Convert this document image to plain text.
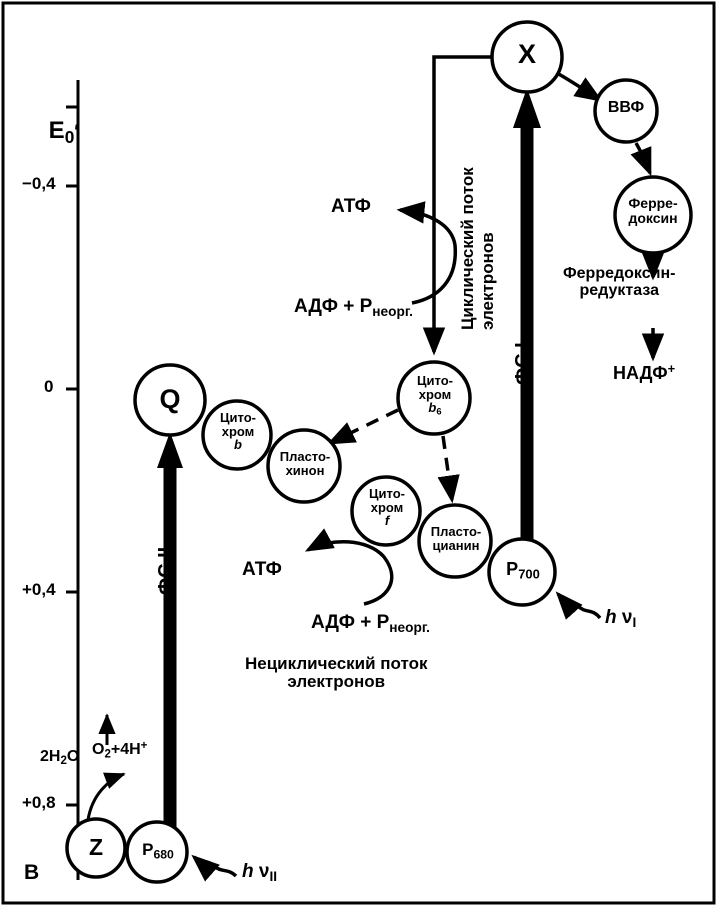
$E_0'$

−0,4
0
+0,4
+0,8
B
X
ВВФ
Ферре-
доксин
Q
Цито-
хром
b
Пласто-
хинон
Цито-
хром
f
Пласто-
цианин
Цито-
хром
$b_6$
$P_{700}$
Z	$P_{680}$
АТФ
АДФ + $Р_{неорг.}$	Циклический поток
электронов
ФС I
ФС II
Ферредоксин-
редуктаза
НАДФ+
АТФ
АДФ + $Р_{неорг.}$
Нециклический поток
электронов
$2H_2O$ $O_2+4H^+$
h $\nu_I$
h $\nu_{II}$
